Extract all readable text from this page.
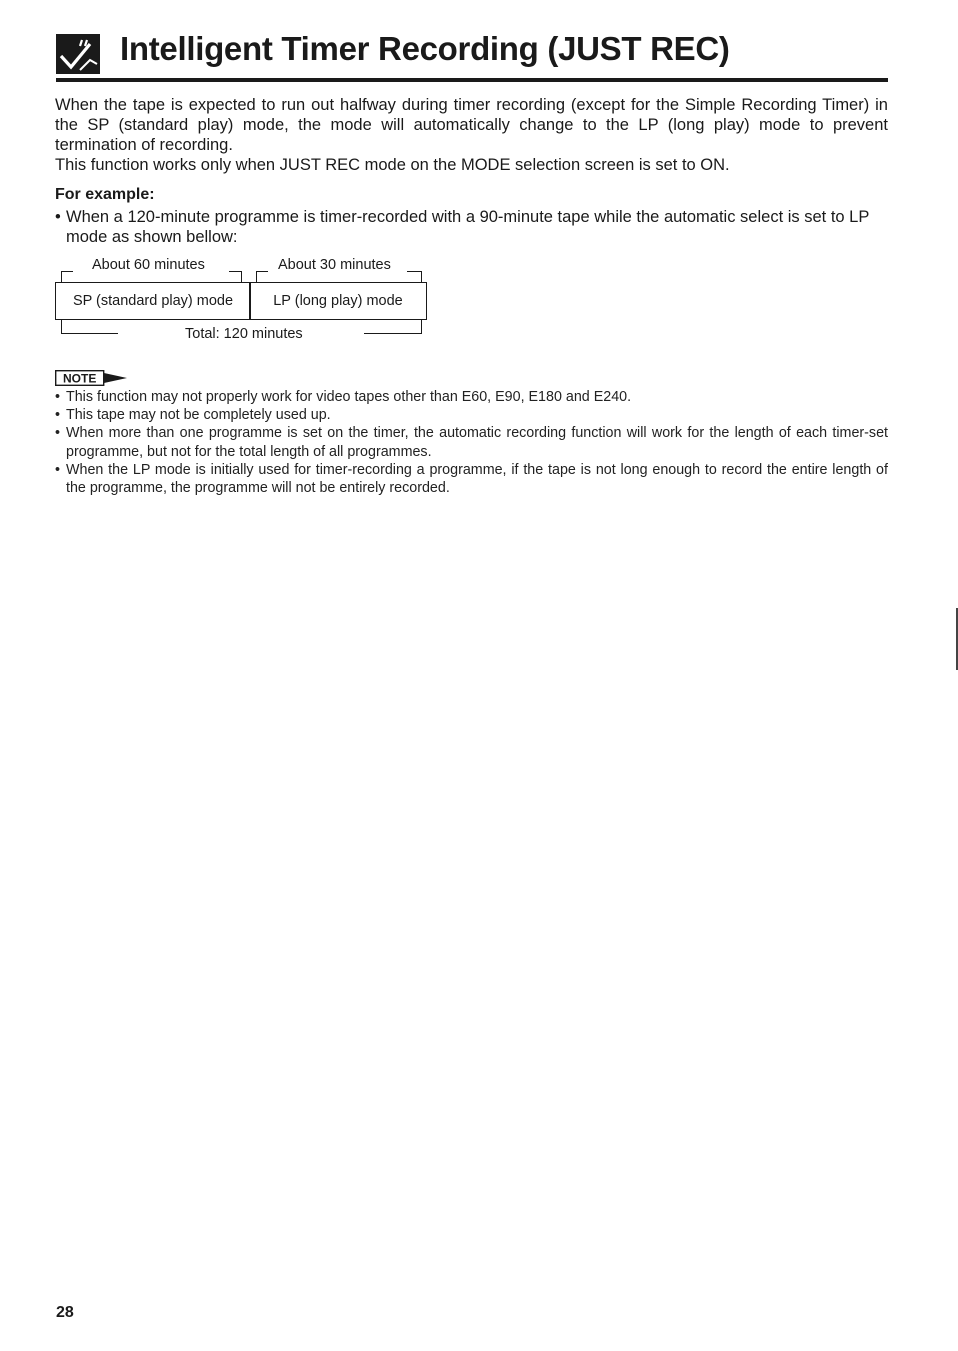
Intelligent Timer Recording (JUST REC)

When the tape is expected to run out halfway during timer recording (except for the Simple Recording Timer) in the SP (standard play) mode, the mode will automatically change to the LP (long play) mode to prevent termination of recording.

This function works only when JUST REC mode on the MODE selection screen is set to ON.

For example:
• When a 120-minute programme is timer-recorded with a 90-minute tape while the automatic select is set to LP mode as shown bellow:
About 60 minutes	About 30 minutes
SP (standard play) mode	LP (long play) mode
Total: 120 minutes
NOTE
• This function may not properly work for video tapes other than E60, E90, E180 and E240.
• This tape may not be completely used up.
• When more than one programme is set on the timer, the automatic recording function will work for the length of each timer-set programme, but not for the total length of all programmes.
• When the LP mode is initially used for timer-recording a programme, if the tape is not long enough to record the entire length of the programme, the programme will not be entirely recorded.
28
